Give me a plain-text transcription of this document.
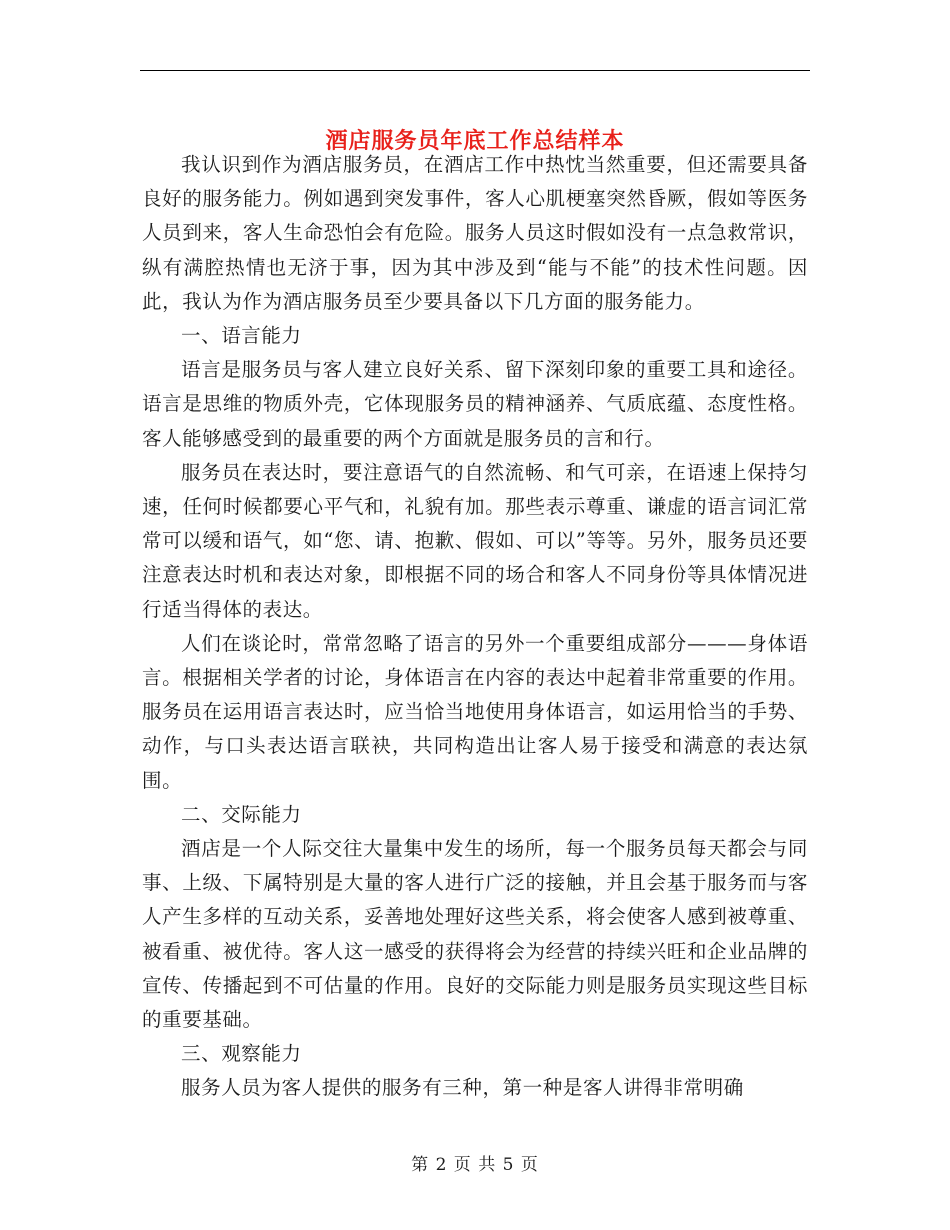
酒店服务员年底工作总结样本

我认识到作为酒店服务员，在酒店工作中热忱当然重要，但还需要具备良好的服务能力。例如遇到突发事件，客人心肌梗塞突然昏厥，假如等医务人员到来，客人生命恐怕会有危险。服务人员这时假如没有一点急救常识，纵有满腔热情也无济于事，因为其中涉及到“能与不能”的技术性问题。因此，我认为作为酒店服务员至少要具备以下几方面的服务能力。

一、语言能力

语言是服务员与客人建立良好关系、留下深刻印象的重要工具和途径。语言是思维的物质外壳，它体现服务员的精神涵养、气质底蕴、态度性格。客人能够感受到的最重要的两个方面就是服务员的言和行。

服务员在表达时，要注意语气的自然流畅、和气可亲，在语速上保持匀速，任何时候都要心平气和，礼貌有加。那些表示尊重、谦虚的语言词汇常常可以缓和语气，如“您、请、抱歉、假如、可以”等等。另外，服务员还要注意表达时机和表达对象，即根据不同的场合和客人不同身份等具体情况进行适当得体的表达。

人们在谈论时，常常忽略了语言的另外一个重要组成部分———身体语言。根据相关学者的讨论，身体语言在内容的表达中起着非常重要的作用。服务员在运用语言表达时，应当恰当地使用身体语言，如运用恰当的手势、动作，与口头表达语言联袂，共同构造出让客人易于接受和满意的表达氛围。

二、交际能力

酒店是一个人际交往大量集中发生的场所，每一个服务员每天都会与同事、上级、下属特别是大量的客人进行广泛的接触，并且会基于服务而与客人产生多样的互动关系，妥善地处理好这些关系，将会使客人感到被尊重、被看重、被优待。客人这一感受的获得将会为经营的持续兴旺和企业品牌的宣传、传播起到不可估量的作用。良好的交际能力则是服务员实现这些目标的重要基础。

三、观察能力

服务人员为客人提供的服务有三种，第一种是客人讲得非常明确

第 2 页 共 5 页
